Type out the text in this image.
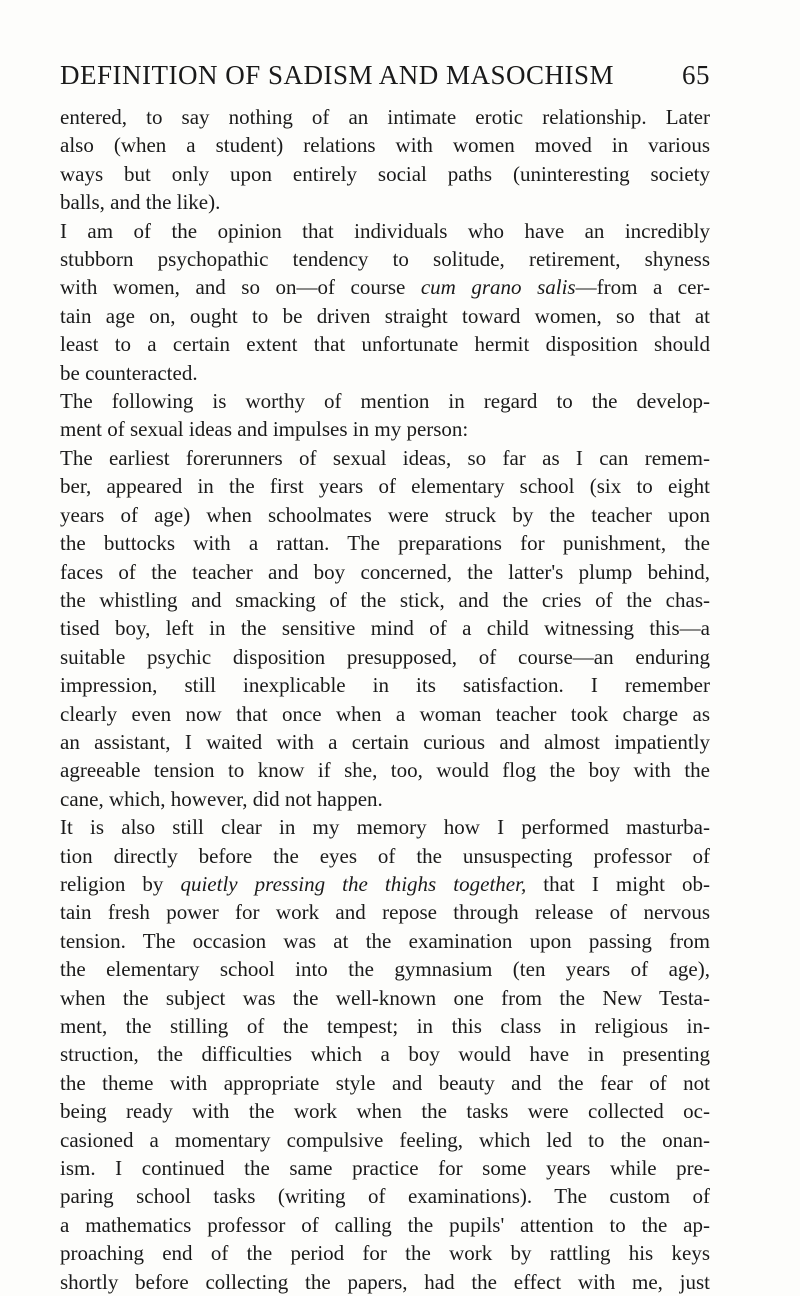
DEFINITION OF SADISM AND MASOCHISM	65

entered, to say nothing of an intimate erotic relationship. Later
also (when a student) relations with women moved in various
ways but only upon entirely social paths (uninteresting society
balls, and the like).

I am of the opinion that individuals who have an incredibly
stubborn psychopathic tendency to solitude, retirement, shyness
with women, and so on—of course cum grano salis—from a cer-
tain age on, ought to be driven straight toward women, so that at
least to a certain extent that unfortunate hermit disposition should
be counteracted.

The following is worthy of mention in regard to the develop-
ment of sexual ideas and impulses in my person:

The earliest forerunners of sexual ideas, so far as I can remem-
ber, appeared in the first years of elementary school (six to eight
years of age) when schoolmates were struck by the teacher upon
the buttocks with a rattan. The preparations for punishment, the
faces of the teacher and boy concerned, the latter's plump behind,
the whistling and smacking of the stick, and the cries of the chas-
tised boy, left in the sensitive mind of a child witnessing this—a
suitable psychic disposition presupposed, of course—an enduring
impression, still inexplicable in its satisfaction. I remember
clearly even now that once when a woman teacher took charge as
an assistant, I waited with a certain curious and almost impatiently
agreeable tension to know if she, too, would flog the boy with the
cane, which, however, did not happen.

It is also still clear in my memory how I performed masturba-
tion directly before the eyes of the unsuspecting professor of
religion by quietly pressing the thighs together, that I might ob-
tain fresh power for work and repose through release of nervous
tension. The occasion was at the examination upon passing from
the elementary school into the gymnasium (ten years of age),
when the subject was the well-known one from the New Testa-
ment, the stilling of the tempest; in this class in religious in-
struction, the difficulties which a boy would have in presenting
the theme with appropriate style and beauty and the fear of not
being ready with the work when the tasks were collected oc-
casioned a momentary compulsive feeling, which led to the onan-
ism. I continued the same practice for some years while pre-
paring school tasks (writing of examinations). The custom of
a mathematics professor of calling the pupils' attention to the ap-
proaching end of the period for the work by rattling his keys
shortly before collecting the papers, had the effect with me, just
